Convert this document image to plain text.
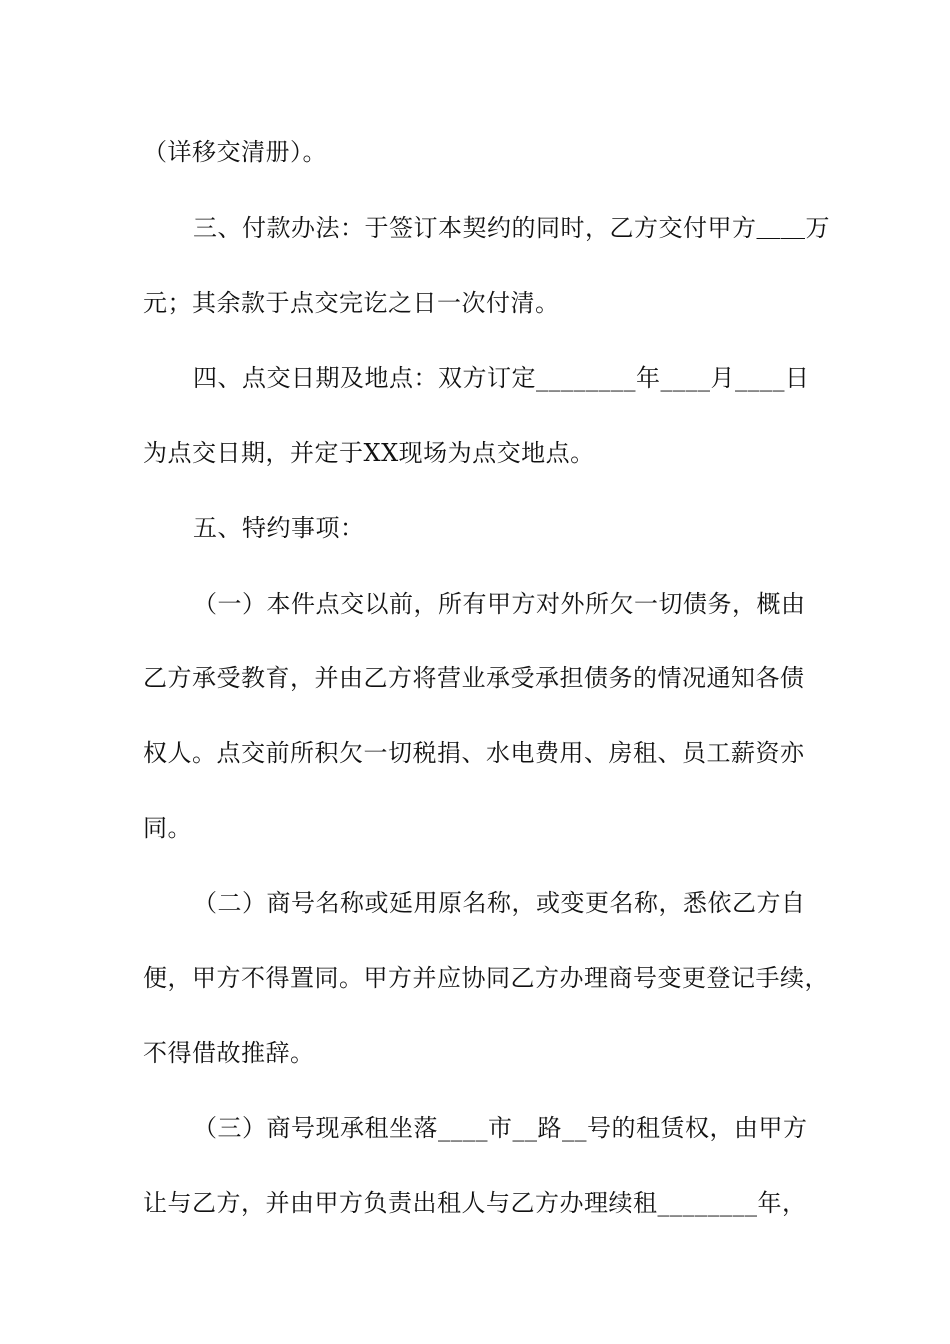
（详移交清册）。
三、付款办法：于签订本契约的同时，乙方交付甲方＿＿万
元；其余款于点交完讫之日一次付清。
四、点交日期及地点：双方订定________年____月____日
为点交日期，并定于XX现场为点交地点。
五、特约事项：
（一）本件点交以前，所有甲方对外所欠一切债务，概由
乙方承受教育，并由乙方将营业承受承担债务的情况通知各债
权人。点交前所积欠一切税捐、水电费用、房租、员工薪资亦
同。
（二）商号名称或延用原名称，或变更名称，悉依乙方自
便，甲方不得置同。甲方并应协同乙方办理商号变更登记手续，
不得借故推辞。
（三）商号现承租坐落____市__路__号的租赁权，由甲方
让与乙方，并由甲方负责出租人与乙方办理续租________年，
